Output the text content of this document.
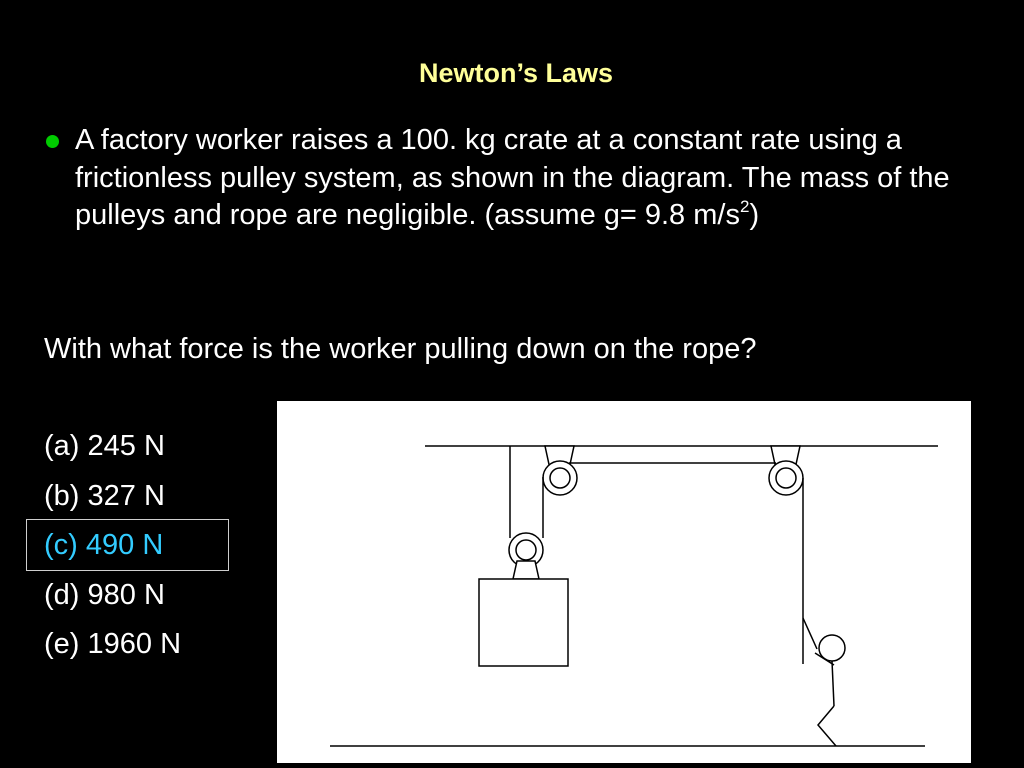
Newton’s Laws
A factory worker raises a 100. kg crate at a constant rate using a frictionless pulley system, as shown in the diagram. The mass of the pulleys and rope are negligible. (assume g= 9.8 $m/s^2$)
With what force is the worker pulling down on the rope?
(a) 245 N
(b) 327 N
(c) 490 N
(d) 980 N
(e) 1960 N
